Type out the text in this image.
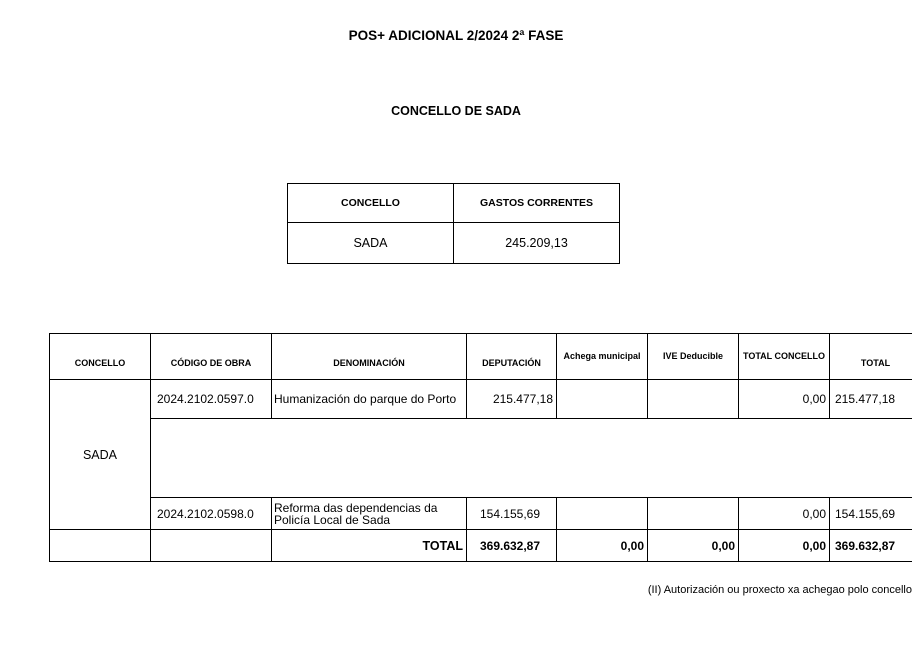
POS+ ADICIONAL 2/2024 2ª FASE
CONCELLO DE SADA
CONCELLO	GASTOS CORRENTES
SADA	245.209,13
CONCELLO	CÓDIGO DE OBRA	DENOMINACIÓN	DEPUTACIÓN	Achega municipal	IVE Deducible	TOTAL CONCELLO	TOTAL
SADA	2024.2102.0597.0	Humanización do parque do Porto	215.477,18			0,00	215.477,18

	2024.2102.0598.0	Reforma das dependencias da Policía Local de Sada	154.155,69			0,00	154.155,69
		TOTAL	369.632,87	0,00	0,00	0,00	369.632,87
(II) Autorización ou proxecto xa achegao polo concello
